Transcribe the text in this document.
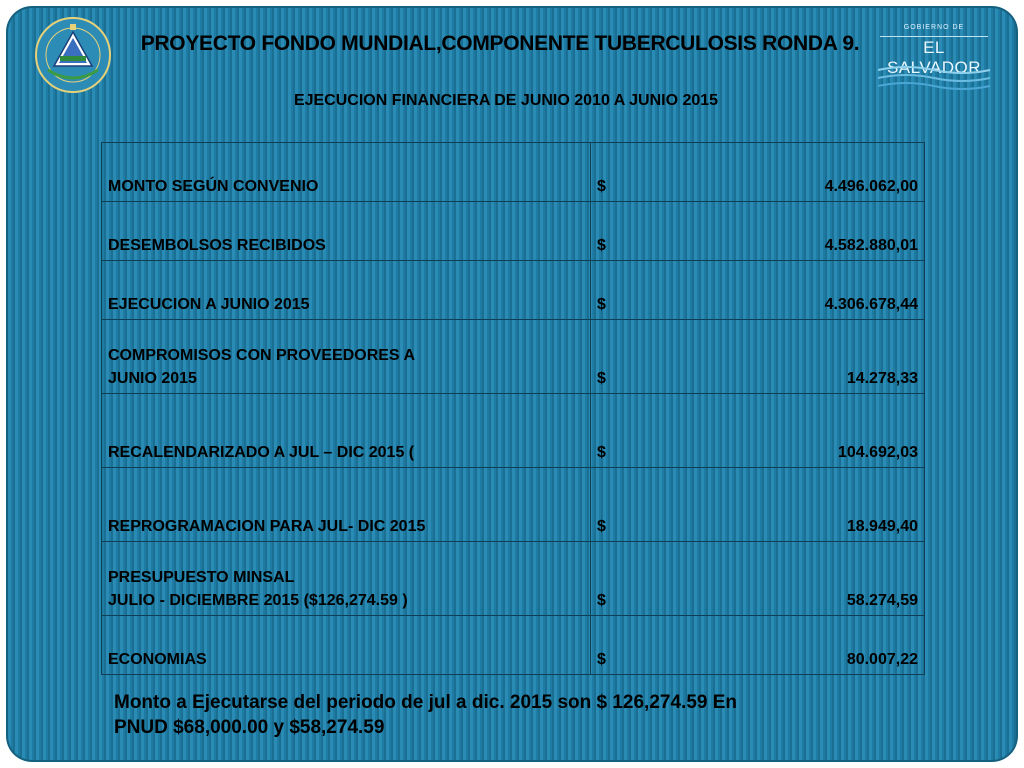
PROYECTO FONDO MUNDIAL,COMPONENTE TUBERCULOSIS RONDA 9.
GOBIERNO DE
EL SALVADOR
EJECUCION FINANCIERA DE JUNIO 2010 A JUNIO 2015
MONTO SEGÚN CONVENIO	$	4.496.062,00
DESEMBOLSOS RECIBIDOS	$	4.582.880,01
EJECUCION A JUNIO 2015	$	4.306.678,44

COMPROMISOS CON PROVEEDORES A
JUNIO 2015	$	14.278,33
RECALENDARIZADO A JUL – DIC 2015 (	$	104.692,03
REPROGRAMACION PARA JUL- DIC 2015	$	18.949,40

PRESUPUESTO MINSAL
JULIO - DICIEMBRE 2015 ($126,274.59 )	$	58.274,59
ECONOMIAS	$	80.007,22
Monto a Ejecutarse del periodo de jul a dic. 2015 son $ 126,274.59 En
PNUD $68,000.00 y $58,274.59
